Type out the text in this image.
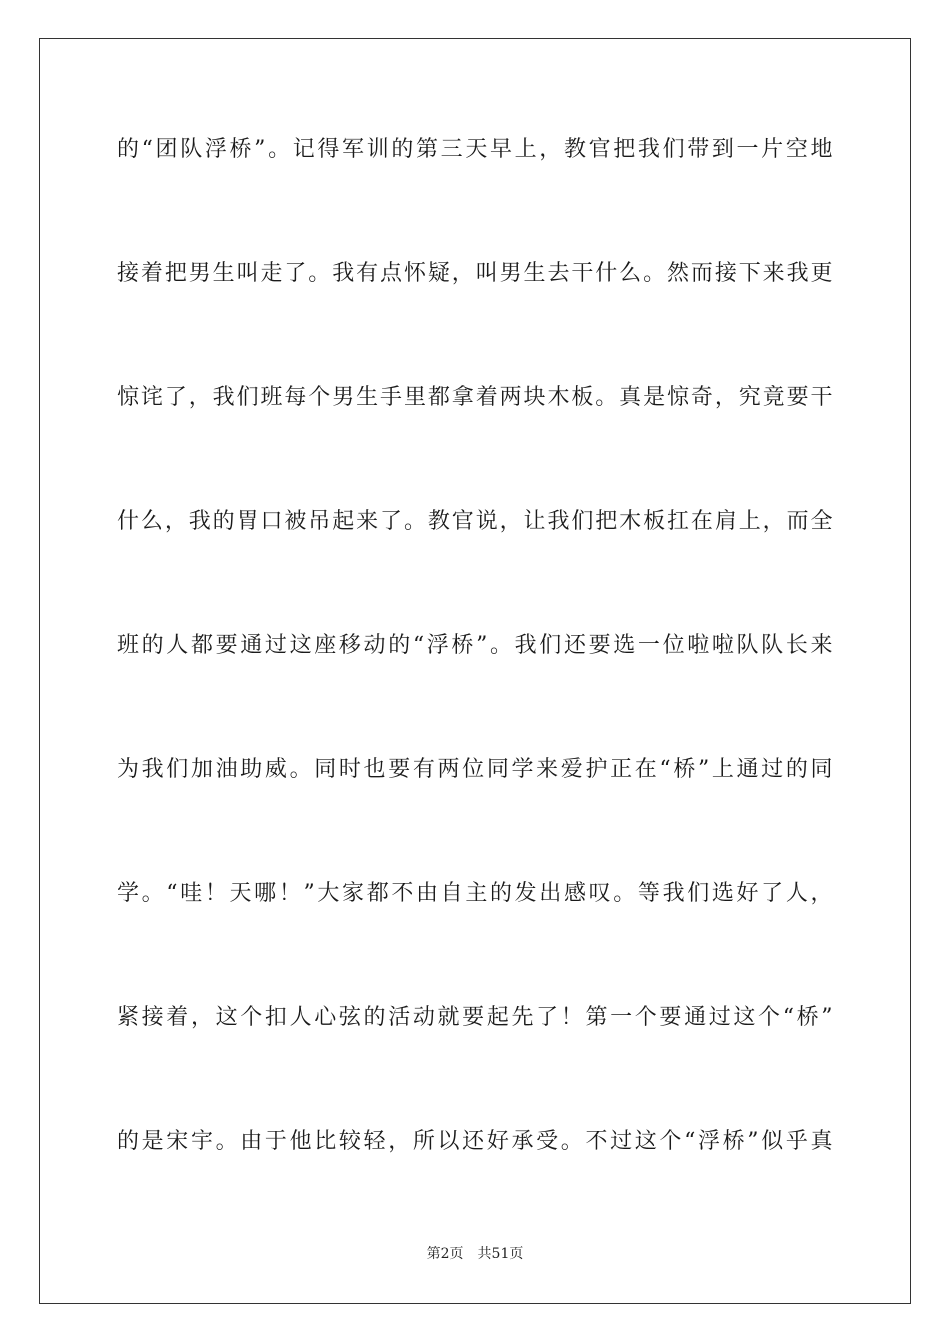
的“团队浮桥”。记得军训的第三天早上，教官把我们带到一片空地
接着把男生叫走了。我有点怀疑，叫男生去干什么。然而接下来我更
惊诧了，我们班每个男生手里都拿着两块木板。真是惊奇，究竟要干
什么，我的胃口被吊起来了。教官说，让我们把木板扛在肩上，而全
班的人都要通过这座移动的“浮桥”。我们还要选一位啦啦队队长来
为我们加油助威。同时也要有两位同学来爱护正在“桥”上通过的同
学。“哇！天哪！”大家都不由自主的发出感叹。等我们选好了人，
紧接着，这个扣人心弦的活动就要起先了！第一个要通过这个“桥”
的是宋宇。由于他比较轻，所以还好承受。不过这个“浮桥”似乎真
第2页 共51页
